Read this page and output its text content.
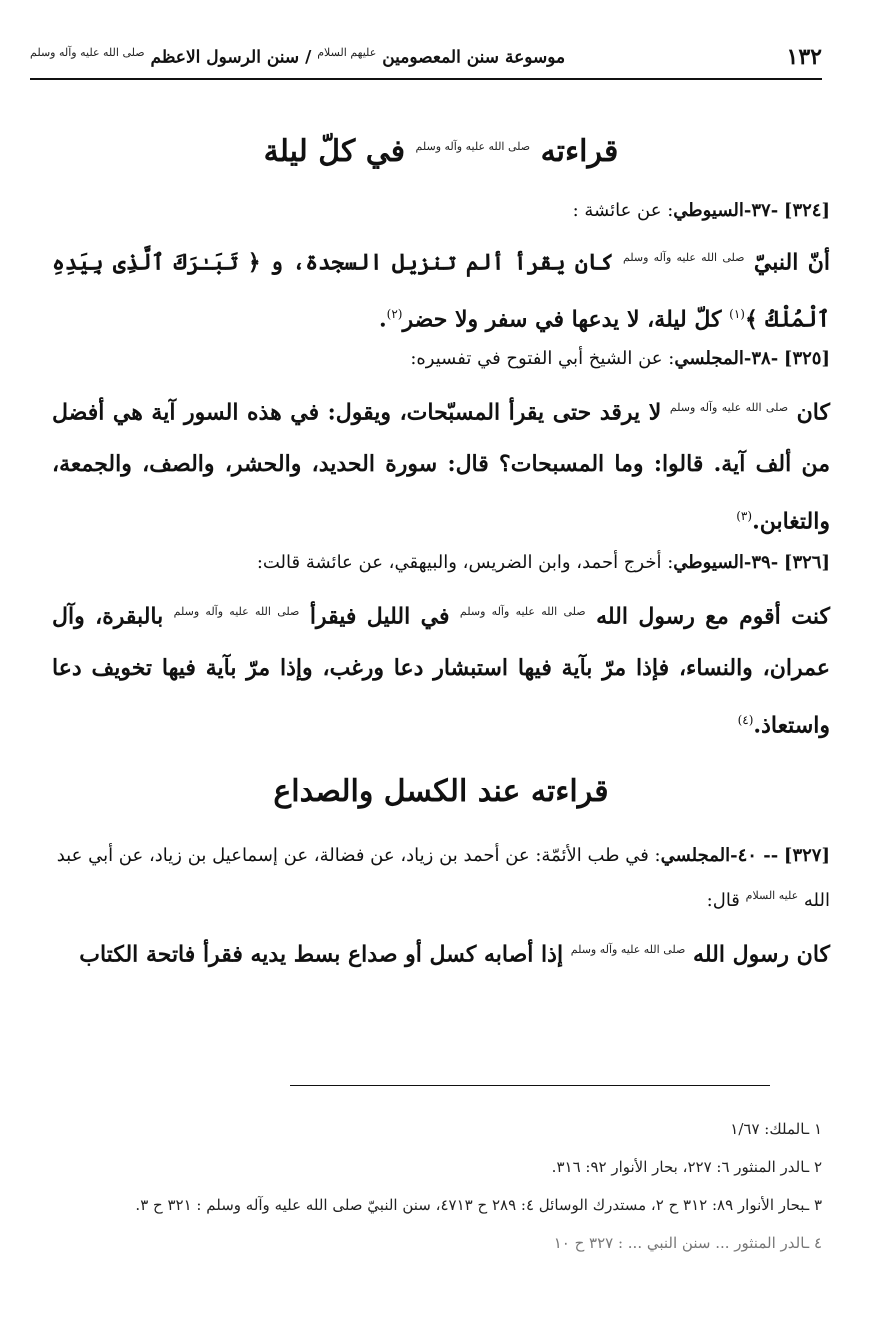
١٣٢
موسوعة سنن المعصومين $^{عليهم السلام}$ / سنن الرسول الاعظم $^{صلى الله عليه وآله وسلم}$
قراءته $^{صلى الله عليه وآله وسلم}$ في كلّ ليلة

[٣٢٤] -٣٧-السيوطي: عن عائشة :

أنّ النبيّ $^{صلى الله عليه وآله وسلم}$ كان يقرأ ألم تنزيل السجدة، و ﴿ تَبَـٰرَكَ ٱلَّذِى بِيَدِهِ ٱلْمُلْكُ ﴾$^{(١)}$ كلّ ليلة، لا يدعها في سفر ولا حضر$^{(٢)}$.

[٣٢٥] -٣٨-المجلسي: عن الشيخ أبي الفتوح في تفسيره:

كان $^{صلى الله عليه وآله وسلم}$ لا يرقد حتى يقرأ المسبّحات، ويقول: في هذه السور آية هي أفضل من ألف آية. قالوا: وما المسبحات؟ قال: سورة الحديد، والحشر، والصف، والجمعة، والتغابن.$^{(٣)}$

[٣٢٦] -٣٩-السيوطي: أخرج أحمد، وابن الضريس، والبيهقي، عن عائشة قالت:

كنت أقوم مع رسول الله $^{صلى الله عليه وآله وسلم}$ في الليل فيقرأ $^{صلى الله عليه وآله وسلم}$ بالبقرة، وآل عمران، والنساء، فإذا مرّ بآية فيها استبشار دعا ورغب، وإذا مرّ بآية فيها تخويف دعا واستعاذ.$^{(٤)}$

قراءته عند الكسل والصداع

[٣٢٧] -- ٤٠-المجلسي: في طب الأئمّة: عن أحمد بن زياد، عن فضالة، عن إسماعيل بن زياد، عن أبي عبد الله $^{عليه السلام}$ قال:

كان رسول الله $^{صلى الله عليه وآله وسلم}$ إذا أصابه كسل أو صداع بسط يديه فقرأ فاتحة الكتاب

١ ـالملك: ١/٦٧
٢ ـالدر المنثور ٦: ٢٢٧، بحار الأنوار ٩٢: ٣١٦.
٣ ـبحار الأنوار ٨٩: ٣١٢ ح ٢، مستدرك الوسائل ٤: ٢٨٩ ح ٤٧١٣، سنن النبيّ صلى الله عليه وآله وسلم : ٣٢١ ح ٣.
٤ ـالدر المنثور ... سنن النبي ... : ٣٢٧ ح ١٠
